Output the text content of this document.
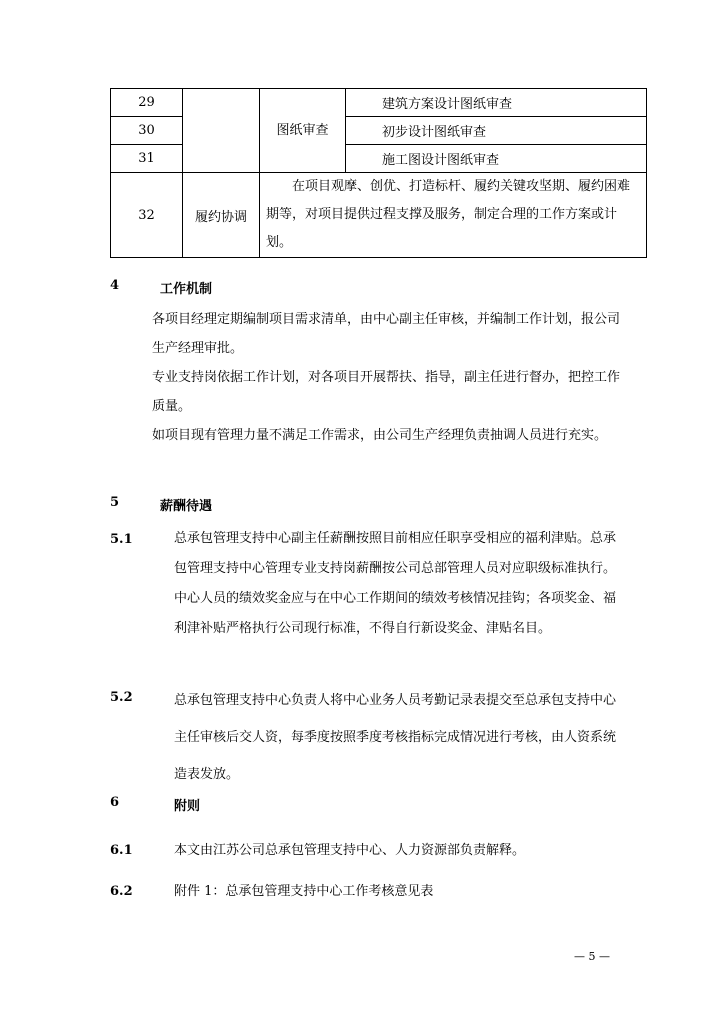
29		图纸审查	建筑方案设计图纸审查
30			初步设计图纸审查
31			施工图设计图纸审查
32	履约协调	在项目观摩、创优、打造标杆、履约关键攻坚期、履约困难期等，对项目提供过程支撑及服务，制定合理的工作方案或计划。	
4	工作机制
各项目经理定期编制项目需求清单，由中心副主任审核，并编制工作计划，报公司生产经理审批。
专业支持岗依据工作计划，对各项目开展帮扶、指导，副主任进行督办，把控工作质量。
如项目现有管理力量不满足工作需求，由公司生产经理负责抽调人员进行充实。
5	薪酬待遇
5.1	总承包管理支持中心副主任薪酬按照目前相应任职享受相应的福利津贴。总承包管理支持中心管理专业支持岗薪酬按公司总部管理人员对应职级标准执行。中心人员的绩效奖金应与在中心工作期间的绩效考核情况挂钩；各项奖金、福利津补贴严格执行公司现行标准，不得自行新设奖金、津贴名目。
5.2	总承包管理支持中心负责人将中心业务人员考勤记录表提交至总承包支持中心主任审核后交人资，每季度按照季度考核指标完成情况进行考核，由人资系统造表发放。
6	附则
6.1	本文由江苏公司总承包管理支持中心、人力资源部负责解释。
6.2	附件 1：总承包管理支持中心工作考核意见表
— 5 —
